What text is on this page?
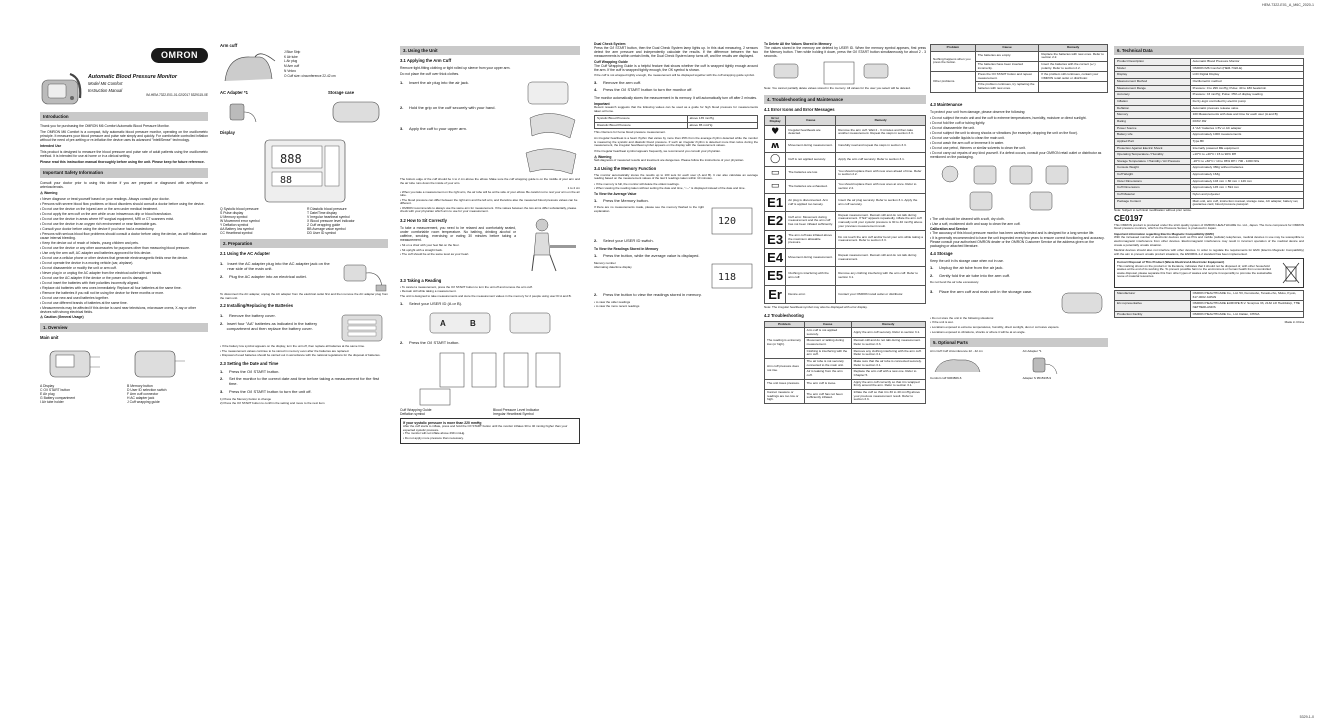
HEM-7322-E01_A_M6C_2020-1
5329-1-0
OMRON
Automatic Blood Pressure Monitor
Model M6 Comfort
Instruction Manual
IM-HEM-7322-E01-01-02/2017 5329115-0E
Introduction
Thank you for purchasing the OMRON M6 Comfort Automatic Blood Pressure Monitor.
The OMRON M6 Comfort is a compact, fully automatic blood pressure monitor, operating on the oscillometric principle. It measures your blood pressure and pulse rate simply and quickly. For comfortable controlled inflation without the need of pre-setting or re-inflation the device uses its advanced "IntelliSense" technology.
Intended Use
This product is designed to measure the blood pressure and pulse rate of adult patients using the oscillometric method. It is intended for use at home or in a clinical setting.
Please read this instruction manual thoroughly before using the unit. Please keep for future reference.
Important Safety Information
Consult your doctor prior to using this device if you are pregnant or diagnosed with arrhythmia or arteriosclerosis.
⚠ Warning
• Never diagnose or treat yourself based on your readings. Always consult your doctor.
• Persons with severe blood flow problems or blood disorders should consult a doctor before using the device.
• Do not use the device on the injured arm or the arm under medical treatment.
• Do not apply the arm cuff on the arm while on an intravenous drip or blood transfusion.
• Do not use the device in areas where HF surgical equipment, MRI or CT scanners exist.
• Do not use the device in an oxygen rich environment or near flammable gas.
• Consult your doctor before using the device if you have had a mastectomy.
• Persons with serious blood flow problems should consult a doctor before using the device, as cuff inflation can cause internal bleeding.
• Keep the device out of reach of infants, young children and pets.
• Do not use the device or any other accessories for purposes other than measuring blood pressure.
• Use only the arm cuff, AC adapter and batteries approved for this device.
• Do not use a cellular phone or other devices that generate electromagnetic fields near the device.
• Do not operate the device in a moving vehicle (car, airplane).
• Do not disassemble or modify the unit or arm cuff.
• Never plug in or unplug the AC adapter from the electrical outlet with wet hands.
• Do not use the AC adapter if the device or the power cord is damaged.
• Do not insert the batteries with their polarities incorrectly aligned.
• Replace old batteries with new ones immediately. Replace all four batteries at the same time.
• Remove the batteries if you will not be using the device for three months or more.
• Do not use new and used batteries together.
• Do not use different brands of batteries at the same time.
• Measurements may be affected if this device is used near televisions, microwave ovens, X-ray or other devices with strong electrical fields.
⚠ Caution (General Usage)
1. Overview
Main unit
A Display	B Memory button
C O/I START button	D User ID selection switch
E Air plug	F Arm cuff connector
G Battery compartment	H AC adapter jack
I Air tube holder	J Cuff wrapping guide
Arm cuff
J Blue Strip
K Air tube
L Air plug
M Arm cuff
N Velcro
O Cuff size: circumference 22-42 cm
AC Adapter *1	Storage case
Display
888
88
Q Systolic blood pressure	R Diastolic blood pressure
S Pulse display	T Date/Time display
U Memory symbol	V Irregular heartbeat symbol
W Movement error symbol	X Blood pressure level indicator
Y Deflation symbol	Z Cuff wrapping guide
AA Battery low symbol	BB Average value symbol
CC Heartbeat symbol	DD User ID symbol
2. Preparation
2.1 Using the AC Adapter
1. Insert the AC adapter plug into the AC adapter jack on the rear side of the main unit.
2.	Plug the AC adapter into an electrical outlet.
To disconnect the AC adapter, unplug the AC adapter from the electrical outlet first and then remove the AC adapter plug from the main unit.
2.2 Installing/Replacing the Batteries
1.	Remove the battery cover.
2. Insert four "AA" batteries as indicated in the battery compartment and then replace the battery cover.
• If the battery low symbol appears on the display, turn the unit off, then replace all batteries at the same time.
• The measurement values continue to be stored in memory even after the batteries are replaced.
• Disposal of used batteries should be carried out in accordance with the national regulations for the disposal of batteries.
2.3 Setting the Date and Time
1.	Press the O/I START button.
2.	Set the monitor to the correct date and time before taking a measurement for the first time.
3.	Press the O/I START button to turn the unit off.
1) Press the Memory button to change
2) Press the O/I START button to confirm the setting and move to the next item
3. Using the Unit
3.1 Applying the Arm Cuff
Remove tight-fitting clothing or tight rolled up sleeve from your upper arm.
Do not place the cuff over thick clothes.
1.	Insert the air plug into the air jack.
2.	Hold the grip on the cuff securely with your hand.
3.	Apply the cuff to your upper arm.
The bottom edge of the cuff should be 1 to 2 cm above the elbow. Make sure the cuff wrapping guide is on the middle of your arm and the air tube runs down the inside of your arm.
1 to 2 cm
• When you take a measurement on the right arm, the air tube will be at the side of your elbow. Be careful not to rest your arm on the air tube.
• The blood pressure can differ between the right arm and the left arm, and therefore also the measured blood pressure values can be different.
• OMRON recommends to always use the same arm for measurement. If the values between the two arms differ substantially, please check with your physician which arm to use for your measurement.
3.2 How to Sit Correctly
To take a measurement, you need to be relaxed and comfortably seated, under comfortable room temperature. No bathing, drinking alcohol or caffeine, smoking, exercising or eating 30 minutes before taking a measurement.
• Sit on a chair with your feet flat on the floor.
• Sit upright with a straight back.
• The cuff should be at the same level as your heart.
3.3 Taking a Reading
• To cancel a measurement, press the O/I START button to turn the unit off and remove the arm cuff.
• Remain still while taking a measurement.
The unit is designed to take measurements and store the measurement values in the memory for 2 people using user ID A and B.
1.	Select your USER ID (A or B).
A	B
2.	Press the O/I START button.
Cuff Wrapping Guide	Blood Pressure Level Indicator
Deflation symbol	Irregular Heartbeat Symbol
If your systolic pressure is more than 220 mmHg
After the cuff starts to inflate, press and hold the O/I START button until the monitor inflates 30 to 40 mmHg higher than your expected systolic pressure.
• The monitor will not inflate above 299 mmHg.
• Do not apply more pressure than necessary.
Dual Check System
Press the O/I START button, then the Dual Check System lamp lights up. In this dual measuring, 2 sensors detect the arm pressure and independently calculate the results. If the difference between the two measurements is within certain limits, the Dual Check System lamp turns off, and the results are displayed.
Cuff Wrapping Guide
The Cuff Wrapping Guide is a helpful feature that shows whether the cuff is wrapped tightly enough around the arm. If the cuff is wrapped tightly enough, the OK symbol is shown.
If the cuff is not wrapped tightly enough, the measurement will be displayed together with the cuff wrapping guide symbol.
3.	Remove the arm cuff.
4.	Press the O/I START button to turn the monitor off.
The monitor automatically stores the measurement in its memory. It will automatically turn off after 2 minutes.
Important
Recent research suggests that the following values can be used as a guide for high blood pressure for measurements taken at home.
Systolic Blood Pressure	above 135 mmHg
Diastolic Blood Pressure	above 85 mmHg
This criteria is for home blood pressure measurement.
An irregular heartbeat is a heart rhythm that varies by more than 25% from the average rhythm detected while the monitor is measuring the systolic and diastolic blood pressure. If such an irregular rhythm is detected more than twice during the measurement, the irregular heartbeat symbol appears on the display with the measurement values.
If the irregular heartbeat symbol appears frequently, we recommend you consult your physician.
⚠ Warning
Self-diagnosis of measured results and treatment are dangerous. Please follow the instructions of your physician.
3.4 Using the Memory Function
The monitor automatically stores the results up to 100 sets for each user (A and B). It can also calculate an average reading based on the measurement values of the last 3 readings taken within 10 minutes.
• If the memory is full, the monitor will delete the oldest readings.
• When viewing the reading taken without setting the date and time, "-:--" is displayed instead of the date and time.
To View the Average Value
1.	Press the Memory button.
If there are no measurements made, please see the memory flashed to the right explanation.
120
2.	Select your USER ID switch.
To View the Readings Stored in Memory
1.	Press the button, while the average value is displayed.
Memory number
Alternating date/time display
118
2.	Press the button to view the readings stored in memory.
• to view the older readings
• to view the more recent readings
To Delete All the Values Stored in Memory
The values stored in the memory are deleted by USER ID. When the memory symbol appears, first press the Memory button. Then while holding it down, press the O/I START button simultaneously for about 2 - 3 seconds.
Note: You cannot partially delete values stored in the memory. All values for the user you select will be deleted.
4. Troubleshooting and Maintenance
4.1 Error Icons and Error Messages
Error Display	Cause	Remedy
♥	Irregular heartbeats are detected.	Remove the arm cuff. Wait 2 - 3 minutes and then take another measurement. Repeat the steps in section 3.3.
ʍ	Movement during measurement.	Carefully read and repeat the steps in section 3.3.
◯	Cuff is not applied securely.	Apply the arm cuff securely. Refer to section 3.1.
▭	The batteries are low.	You should replace them with new ones ahead of time. Refer to section 2.2.
▭	The batteries are exhausted.	You should replace them with new ones at once. Refer to section 2.2.
E1	Air plug is disconnected. Arm cuff is applied too loosely.	Insert the air plug securely. Refer to section 3.1. Apply the arm cuff securely.
E2	Cuff error. Movement during measurement and the arm cuff has not been inflated sufficiently.	Repeat measurement. Remain still and do not talk during measurement. If "E2" appears repeatedly, inflate the arm cuff manually until your systolic pressure is 30 to 40 mmHg above your previous measurement result.
E3	The arm cuff was inflated above the maximum allowable pressure.	Do not touch the arm cuff and/or bend your arm while taking a measurement. Refer to section 3.3.
E4	Movement during measurement.	Repeat measurement. Remain still and do not talk during measurement.
E5	Clothing is interfering with the arm cuff.	Remove any clothing interfering with the arm cuff. Refer to section 3.1.
Er	Device error.	Contact your OMRON retail outlet or distributor.
Note: The irregular heartbeat symbol may also be displayed with error display.
4.2 Troubleshooting
Problem	Cause	Remedy
The reading is extremely low (or high).	Arm cuff is not applied securely.	Apply the arm cuff securely. Refer to section 3.1.
	Movement or talking during measurement.	Remain still and do not talk during measurement. Refer to section 3.3.
	Clothing is interfering with the arm cuff.	Remove any clothing interfering with the arm cuff. Refer to section 3.1.
Arm cuff pressure does not rise.	The air tube is not securely connected to the main unit.	Make sure that the air tube is connected securely. Refer to section 3.1.
	Air is leaking from the arm cuff.	Replace the arm cuff with a new one. Refer to Chapter 5.
The unit loses pressure.	The arm cuff is loose.	Apply the arm cuff correctly so that it is wrapped firmly around the arm. Refer to section 3.1.
Cannot measure or readings are too low or high.	The arm cuff has not been sufficiently inflated.	Inflate the cuff so that it is 30 to 40 mmHg above your previous measurement result. Refer to section 3.3.
Problem	Cause	Remedy
Nothing happens when you press the button.	The batteries are empty.	Replace the batteries with new ones. Refer to section 2.2.
	The batteries have been inserted incorrectly.	Insert the batteries with the correct (+/-) polarity. Refer to section 2.2.
Other problems.	Press the O/I START button and repeat measurement.	If the problem still continues, contact your OMRON retail outlet or distributor.
	If the problem continues, try replacing the batteries with new ones.	
4.3 Maintenance
To protect your unit from damage, please observe the following:
• Do not subject the main unit and the cuff to extreme temperatures, humidity, moisture or direct sunlight.
• Do not fold the cuff or tubing tightly.
• Do not disassemble the unit.
• Do not subject the unit to strong shocks or vibrations (for example, dropping the unit on the floor).
• Do not use volatile liquids to clean the main unit.
• Do not wash the arm cuff or immerse it in water.
• Do not use petrol, thinners or similar solvents to clean the unit.
• Do not carry out repairs of any kind yourself. If a defect occurs, consult your OMRON retail outlet or distributor as mentioned on the packaging.
• The unit should be cleaned with a soft, dry cloth.
• Use a soft, moistened cloth and soap to clean the arm cuff.
Calibration and Service
• The accuracy of this blood pressure monitor has been carefully tested and is designed for a long service life.
• It is generally recommended to have the unit inspected every two years to ensure correct functioning and accuracy. Please consult your authorised OMRON dealer or the OMRON Customer Service at the address given on the packaging or attached literature.
4.4 Storage
Keep the unit in its storage case when not in use.
1.	Unplug the air tube from the air jack.
2.	Gently fold the air tube into the arm cuff.
Do not bend the air tube excessively.
3.	Place the arm cuff and main unit in the storage case.
• Do not store the unit in the following situations:
• If the unit is wet.
• Locations exposed to extreme temperatures, humidity, direct sunlight, dust or corrosive vapours.
• Locations exposed to vibrations, shocks or where it will be at an angle.
5. Optional Parts
Arm Cuff Cuff circumference 22 - 42 cm
Comfort cuff 9063806-6
AC Adapter *1
Adapter S 9515335-9
6. Technical Data
Product Description	Automatic Blood Pressure Monitor
Model	OMRON M6 Comfort (HEM-7322-E)
Display	LCD Digital Display
Measurement Method	Oscillometric method
Measurement Range	Pressure: 0 to 299 mmHg; Pulse: 40 to 180 beats/min
Accuracy	Pressure: ±3 mmHg; Pulse: ±5% of display reading
Inflation	Fuzzy-logic controlled by electric pump
Deflation	Automatic pressure release valve
Memory	100 Measurements with date and time for each user (A and B)
Rating	DC6V 4W
Power Source	4 "AA" batteries 1.5V or AC adapter
Battery Life	Approximately 1000 measurements
Applied Part	Type BF
Protection Against Electric Shock	Internally powered ME equipment
Operating Temperature / Humidity	+10°C to +40°C / 15 to 90% RH
Storage Temperature / Humidity / Air Pressure	-20°C to +60°C / 10 to 95% RH / 700 - 1060 hPa
Console Weight	Approximately 380g without batteries
Cuff Weight	Approximately 163g
Outer Dimensions	Approximately 103 mm × 80 mm × 129 mm
Cuff Dimensions	Approximately 145 mm × 594 mm
Cuff Material	Nylon and polyester
Package Content	Main unit, arm cuff, instruction manual, storage case, AC adapter, battery set, guarantee card, blood pressure passport
Note: Subject to technical modification without prior notice.
CE0197
This OMRON product is produced under the strict quality system of OMRON HEALTHCARE Co. Ltd., Japan. The Core component for OMRON blood pressure monitors, which is the Pressure Sensor, is produced in Japan.
Important information regarding Electro Magnetic Compatibility (EMC)
With the increased number of electronic devices such as PCs and mobile (cellular) telephones, medical devices in use may be susceptible to electromagnetic interference from other devices. Electromagnetic interference may result in incorrect operation of the medical device and create a potentially unsafe situation.
Medical devices should also not interfere with other devices. In order to regulate the requirements for EMC (Electro Magnetic Compatibility) with the aim to prevent unsafe product situations, the EN60601-1-2 standard has been implemented.
Correct Disposal of This Product (Waste Electrical & Electronic Equipment)
This marking shown on the product or its literature, indicates that it should not be disposed of, with other household wastes at the end of its working life. To prevent possible harm to the environment or human health from uncontrolled waste disposal, please separate this from other types of wastes and recycle it responsibly to promote the sustainable reuse of material resources.
Manufacturer	OMRON HEALTHCARE Co., Ltd. 53, Kunotsubo, Terado-cho, Muko, Kyoto, 617-0002 JAPAN
EU-representative	OMRON HEALTHCARE EUROPE B.V. Scorpius 33, 2132 LR Hoofddorp, THE NETHERLANDS
Production Facility	OMRON HEALTHCARE Co., Ltd. Dalian, CHINA
Made in China
